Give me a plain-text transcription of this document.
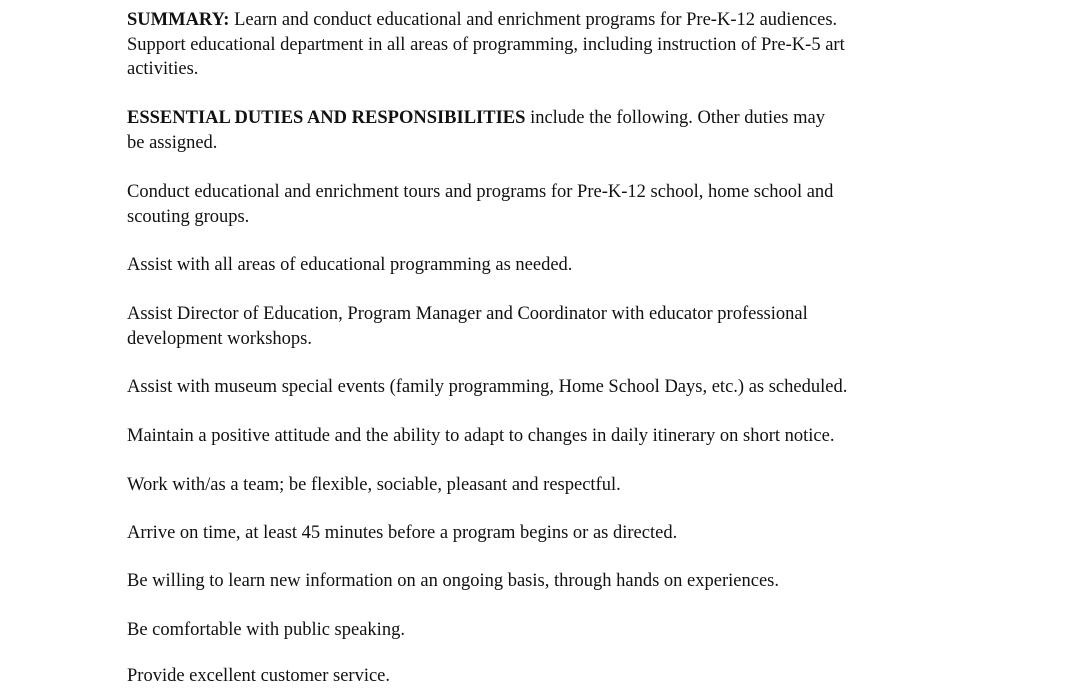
SUMMARY: Learn and conduct educational and enrichment programs for Pre-K-12 audiences.
Support educational department in all areas of programming, including instruction of Pre-K-5 art
activities.

ESSENTIAL DUTIES AND RESPONSIBILITIES include the following. Other duties may
be assigned.

Conduct educational and enrichment tours and programs for Pre-K-12 school, home school and
scouting groups.

Assist with all areas of educational programming as needed.

Assist Director of Education, Program Manager and Coordinator with educator professional
development workshops.

Assist with museum special events (family programming, Home School Days, etc.) as scheduled.

Maintain a positive attitude and the ability to adapt to changes in daily itinerary on short notice.

Work with/as a team; be flexible, sociable, pleasant and respectful.

Arrive on time, at least 45 minutes before a program begins or as directed.

Be willing to learn new information on an ongoing basis, through hands on experiences.

Be comfortable with public speaking.

Provide excellent customer service.
